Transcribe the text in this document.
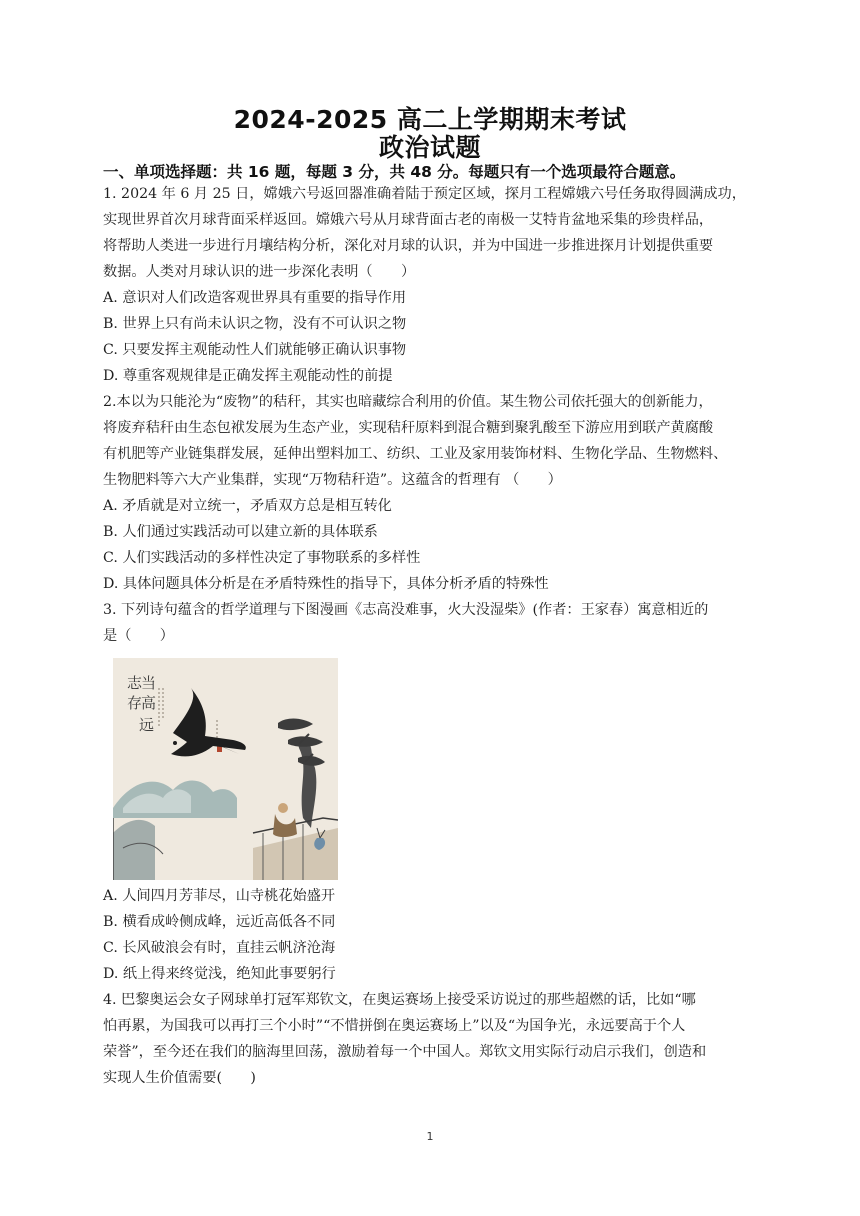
2024-2025 高二上学期期末考试
政治试题
一、单项选择题：共 16 题，每题 3 分，共 48 分。每题只有一个选项最符合题意。
1. 2024 年 6 月 25 日，嫦娥六号返回器准确着陆于预定区域，探月工程嫦娥六号任务取得圆满成功，
实现世界首次月球背面采样返回。嫦娥六号从月球背面古老的南极一艾特肯盆地采集的珍贵样品，
将帮助人类进一步进行月壤结构分析，深化对月球的认识，并为中国进一步推进探月计划提供重要
数据。人类对月球认识的进一步深化表明（　　）
A. 意识对人们改造客观世界具有重要的指导作用
B. 世界上只有尚未认识之物，没有不可认识之物
C. 只要发挥主观能动性人们就能够正确认识事物
D. 尊重客观规律是正确发挥主观能动性的前提
2.本以为只能沦为“废物”的秸秆，其实也暗藏综合利用的价值。某生物公司依托强大的创新能力，
将废弃秸秆由生态包袱发展为生态产业，实现秸秆原料到混合糖到聚乳酸至下游应用到联产黄腐酸
有机肥等产业链集群发展，延伸出塑料加工、纺织、工业及家用装饰材料、生物化学品、生物燃料、
生物肥料等六大产业集群，实现“万物秸秆造”。这蕴含的哲理有 （　　）
A. 矛盾就是对立统一，矛盾双方总是相互转化
B. 人们通过实践活动可以建立新的具体联系
C. 人们实践活动的多样性决定了事物联系的多样性
D. 具体问题具体分析是在矛盾特殊性的指导下，具体分析矛盾的特殊性
3. 下列诗句蕴含的哲学道理与下图漫画《志高没难事，火大没湿柴》(作者：王家春）寓意相近的
是（　　）
志
当
存
高
远
A. 人间四月芳菲尽，山寺桃花始盛开
B. 横看成岭侧成峰，远近高低各不同
C. 长风破浪会有时，直挂云帆济沧海
D. 纸上得来终觉浅，绝知此事要躬行
4. 巴黎奥运会女子网球单打冠军郑钦文，在奥运赛场上接受采访说过的那些超燃的话，比如“哪
怕再累，为国我可以再打三个小时”“不惜拼倒在奥运赛场上”以及“为国争光，永远要高于个人
荣誉”，至今还在我们的脑海里回荡，激励着每一个中国人。郑钦文用实际行动启示我们，创造和
实现人生价值需要(　　)
1
